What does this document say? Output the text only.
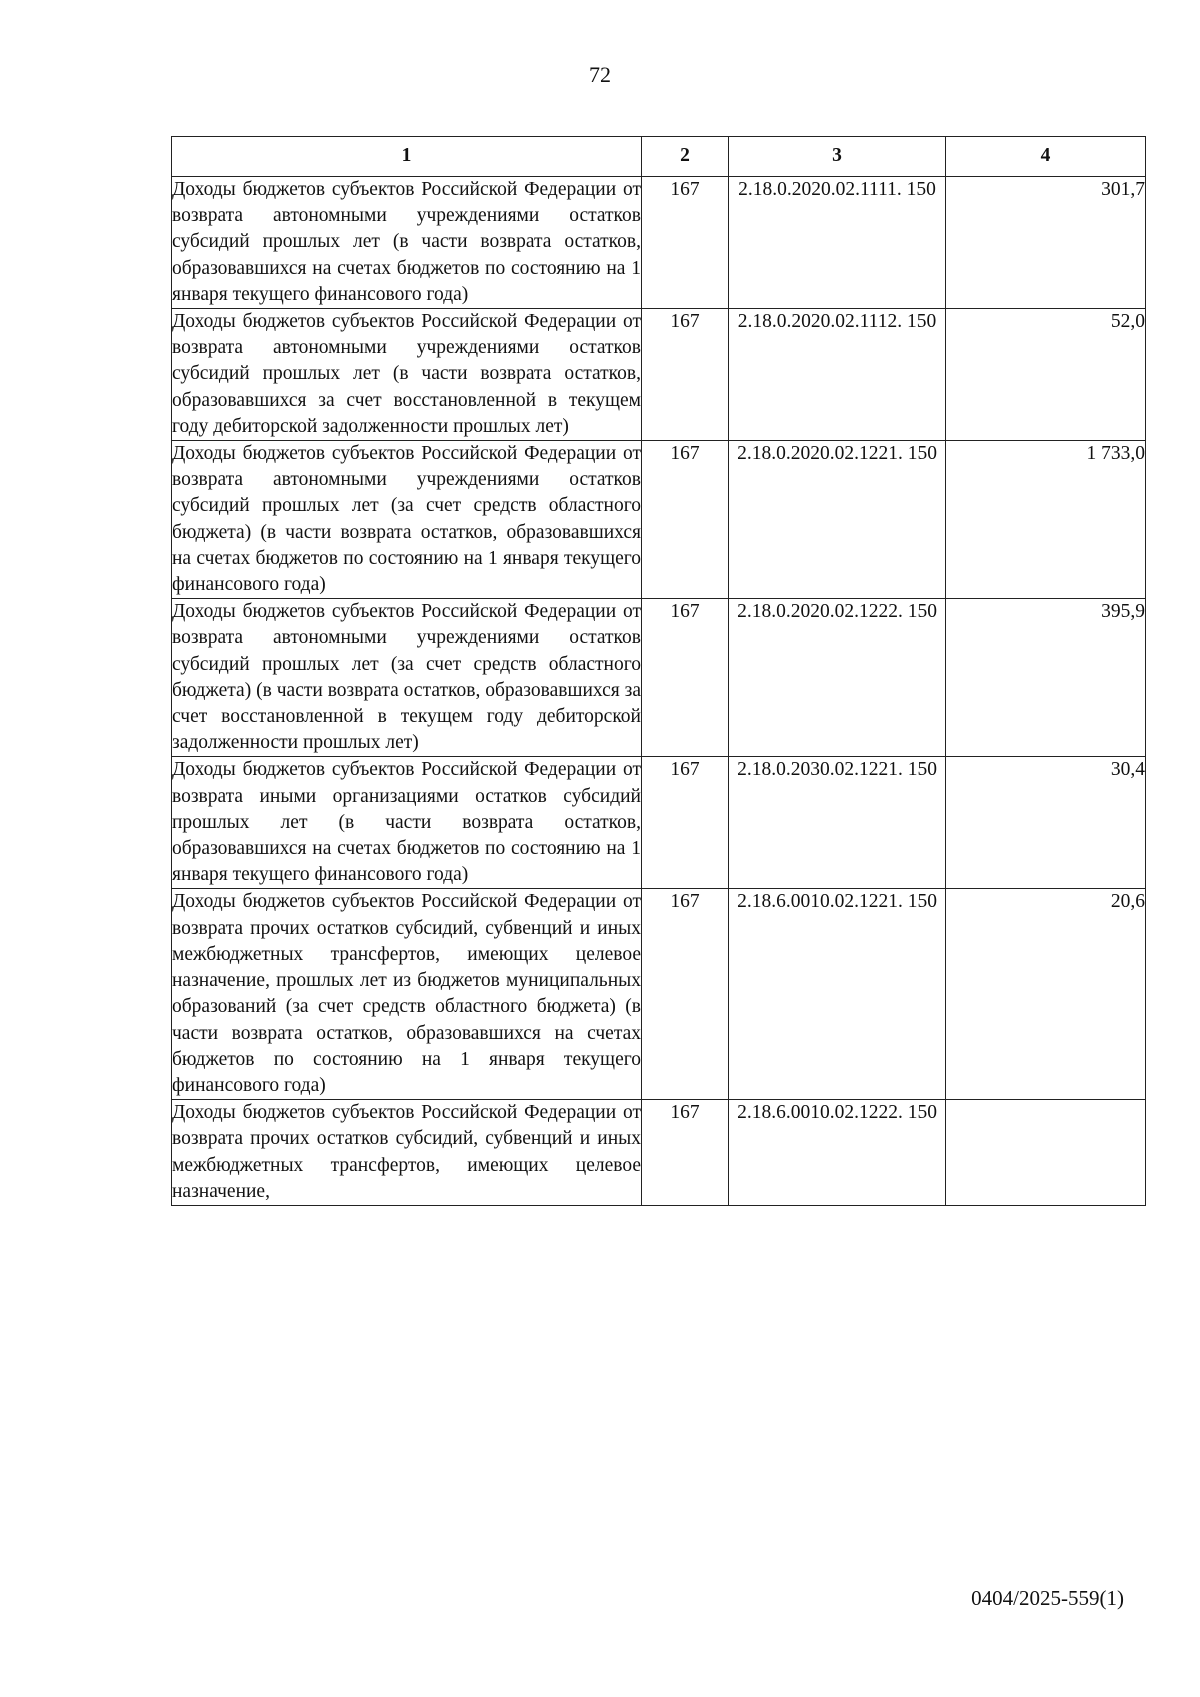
72
1	2	3	4
Доходы бюджетов субъектов Российской Федерации от возврата автономными учреждениями остатков субсидий прошлых лет (в части возврата остатков, образовавшихся на счетах бюджетов по состоянию на 1 января текущего финансового года)	167	2.18.0.2020.02.1111. 150	301,7
Доходы бюджетов субъектов Российской Федерации от возврата автономными учреждениями остатков субсидий прошлых лет (в части возврата остатков, образовавшихся за счет восстановленной в текущем году дебиторской задолженности прошлых лет)	167	2.18.0.2020.02.1112. 150	52,0
Доходы бюджетов субъектов Российской Федерации от возврата автономными учреждениями остатков субсидий прошлых лет (за счет средств областного бюджета) (в части возврата остатков, образовавшихся на счетах бюджетов по состоянию на 1 января текущего финансового года)	167	2.18.0.2020.02.1221. 150	1 733,0
Доходы бюджетов субъектов Российской Федерации от возврата автономными учреждениями остатков субсидий прошлых лет (за счет средств областного бюджета) (в части возврата остатков, образовавшихся за счет восстановленной в текущем году дебиторской задолженности прошлых лет)	167	2.18.0.2020.02.1222. 150	395,9
Доходы бюджетов субъектов Российской Федерации от возврата иными организациями остатков субсидий прошлых лет (в части возврата остатков, образовавшихся на счетах бюджетов по состоянию на 1 января текущего финансового года)	167	2.18.0.2030.02.1221. 150	30,4
Доходы бюджетов субъектов Российской Федерации от возврата прочих остатков субсидий, субвенций и иных межбюджетных трансфертов, имеющих целевое назначение, прошлых лет из бюджетов муниципальных образований (за счет средств областного бюджета) (в части возврата остатков, образовавшихся на счетах бюджетов по состоянию на 1 января текущего финансового года)	167	2.18.6.0010.02.1221. 150	20,6
Доходы бюджетов субъектов Российской Федерации от возврата прочих остатков субсидий, субвенций и иных межбюджетных трансфертов, имеющих целевое назначение,	167	2.18.6.0010.02.1222. 150	
0404/2025-559(1)
